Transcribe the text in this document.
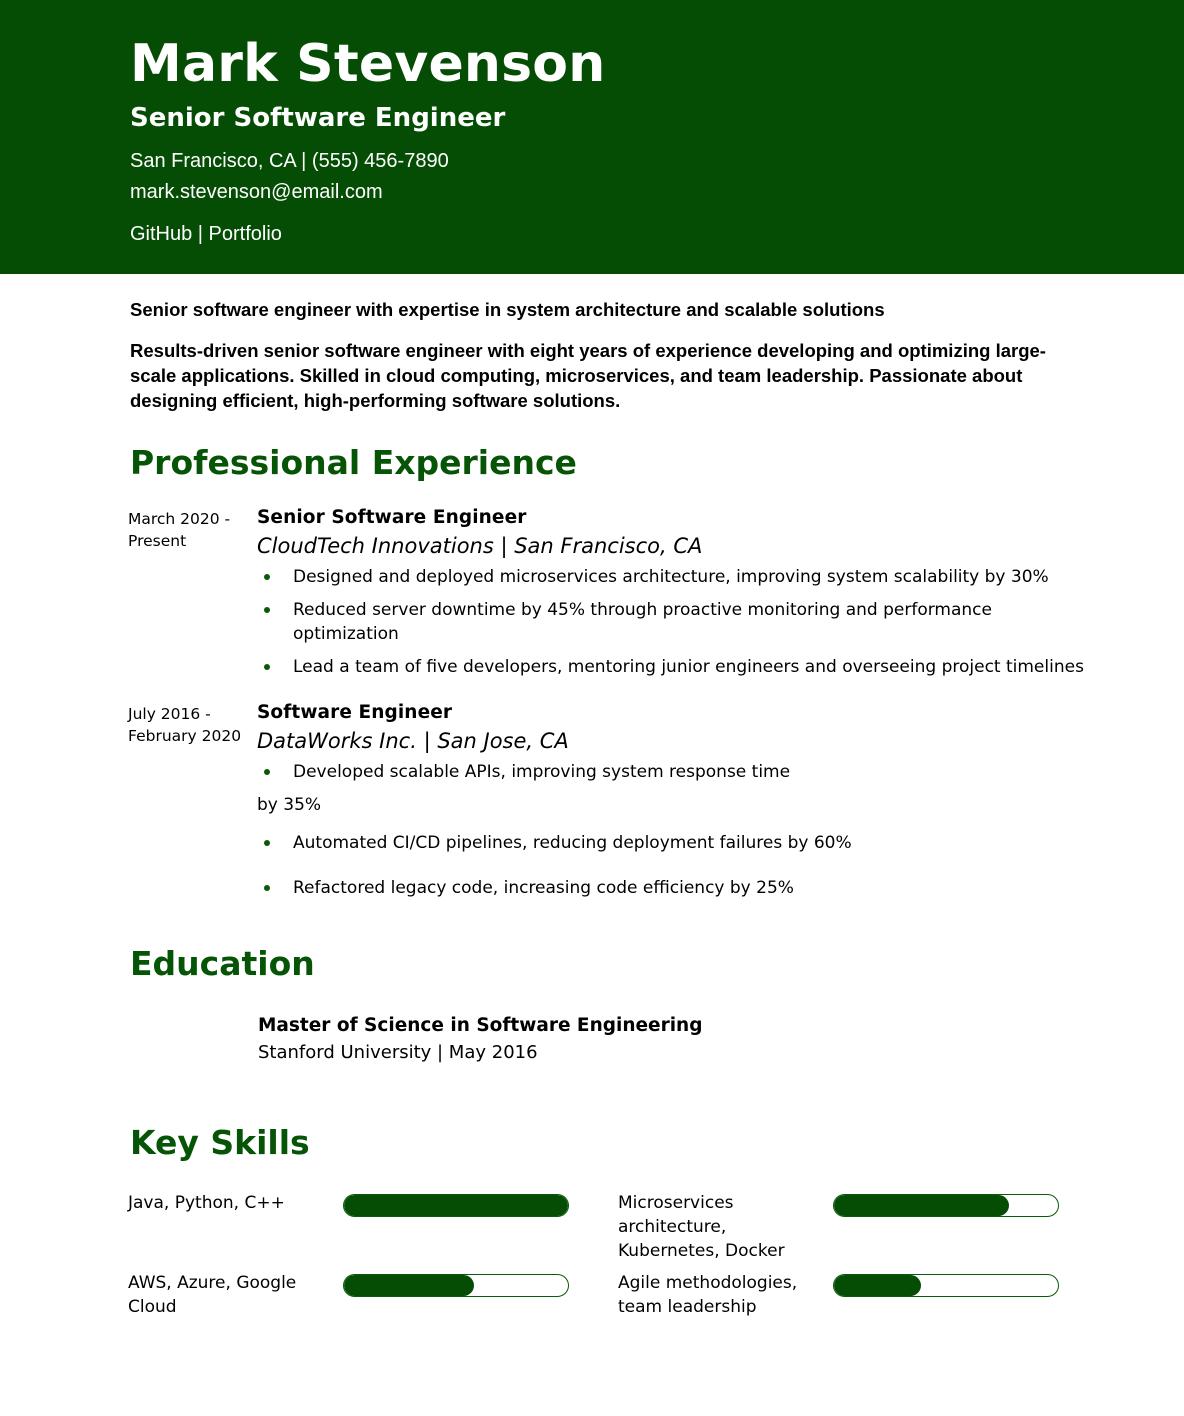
Mark Stevenson
Senior Software Engineer
San Francisco, CA | (555) 456-7890
mark.stevenson@email.com
GitHub | Portfolio
Senior software engineer with expertise in system architecture and scalable solutions
Results-driven senior software engineer with eight years of experience developing and optimizing large- scale applications. Skilled in cloud computing, microservices, and team leadership. Passionate about designing efficient, high-performing software solutions.
Professional Experience
March 2020 - Present
Senior Software Engineer
CloudTech Innovations | San Francisco, CA
Designed and deployed microservices architecture, improving system scalability by 30%
Reduced server downtime by 45% through proactive monitoring and performance optimization
Lead a team of five developers, mentoring junior engineers and overseeing project timelines
July 2016 - February 2020
Software Engineer
DataWorks Inc. | San Jose, CA
Developed scalable APIs, improving system response time
by 35%
Automated CI/CD pipelines, reducing deployment failures by 60%
Refactored legacy code, increasing code efficiency by 25%
Education
Master of Science in Software Engineering
Stanford University | May 2016
Key Skills
Java, Python, C++	Microservices architecture, Kubernetes, Docker
AWS, Azure, Google Cloud
Agile methodologies, team leadership
